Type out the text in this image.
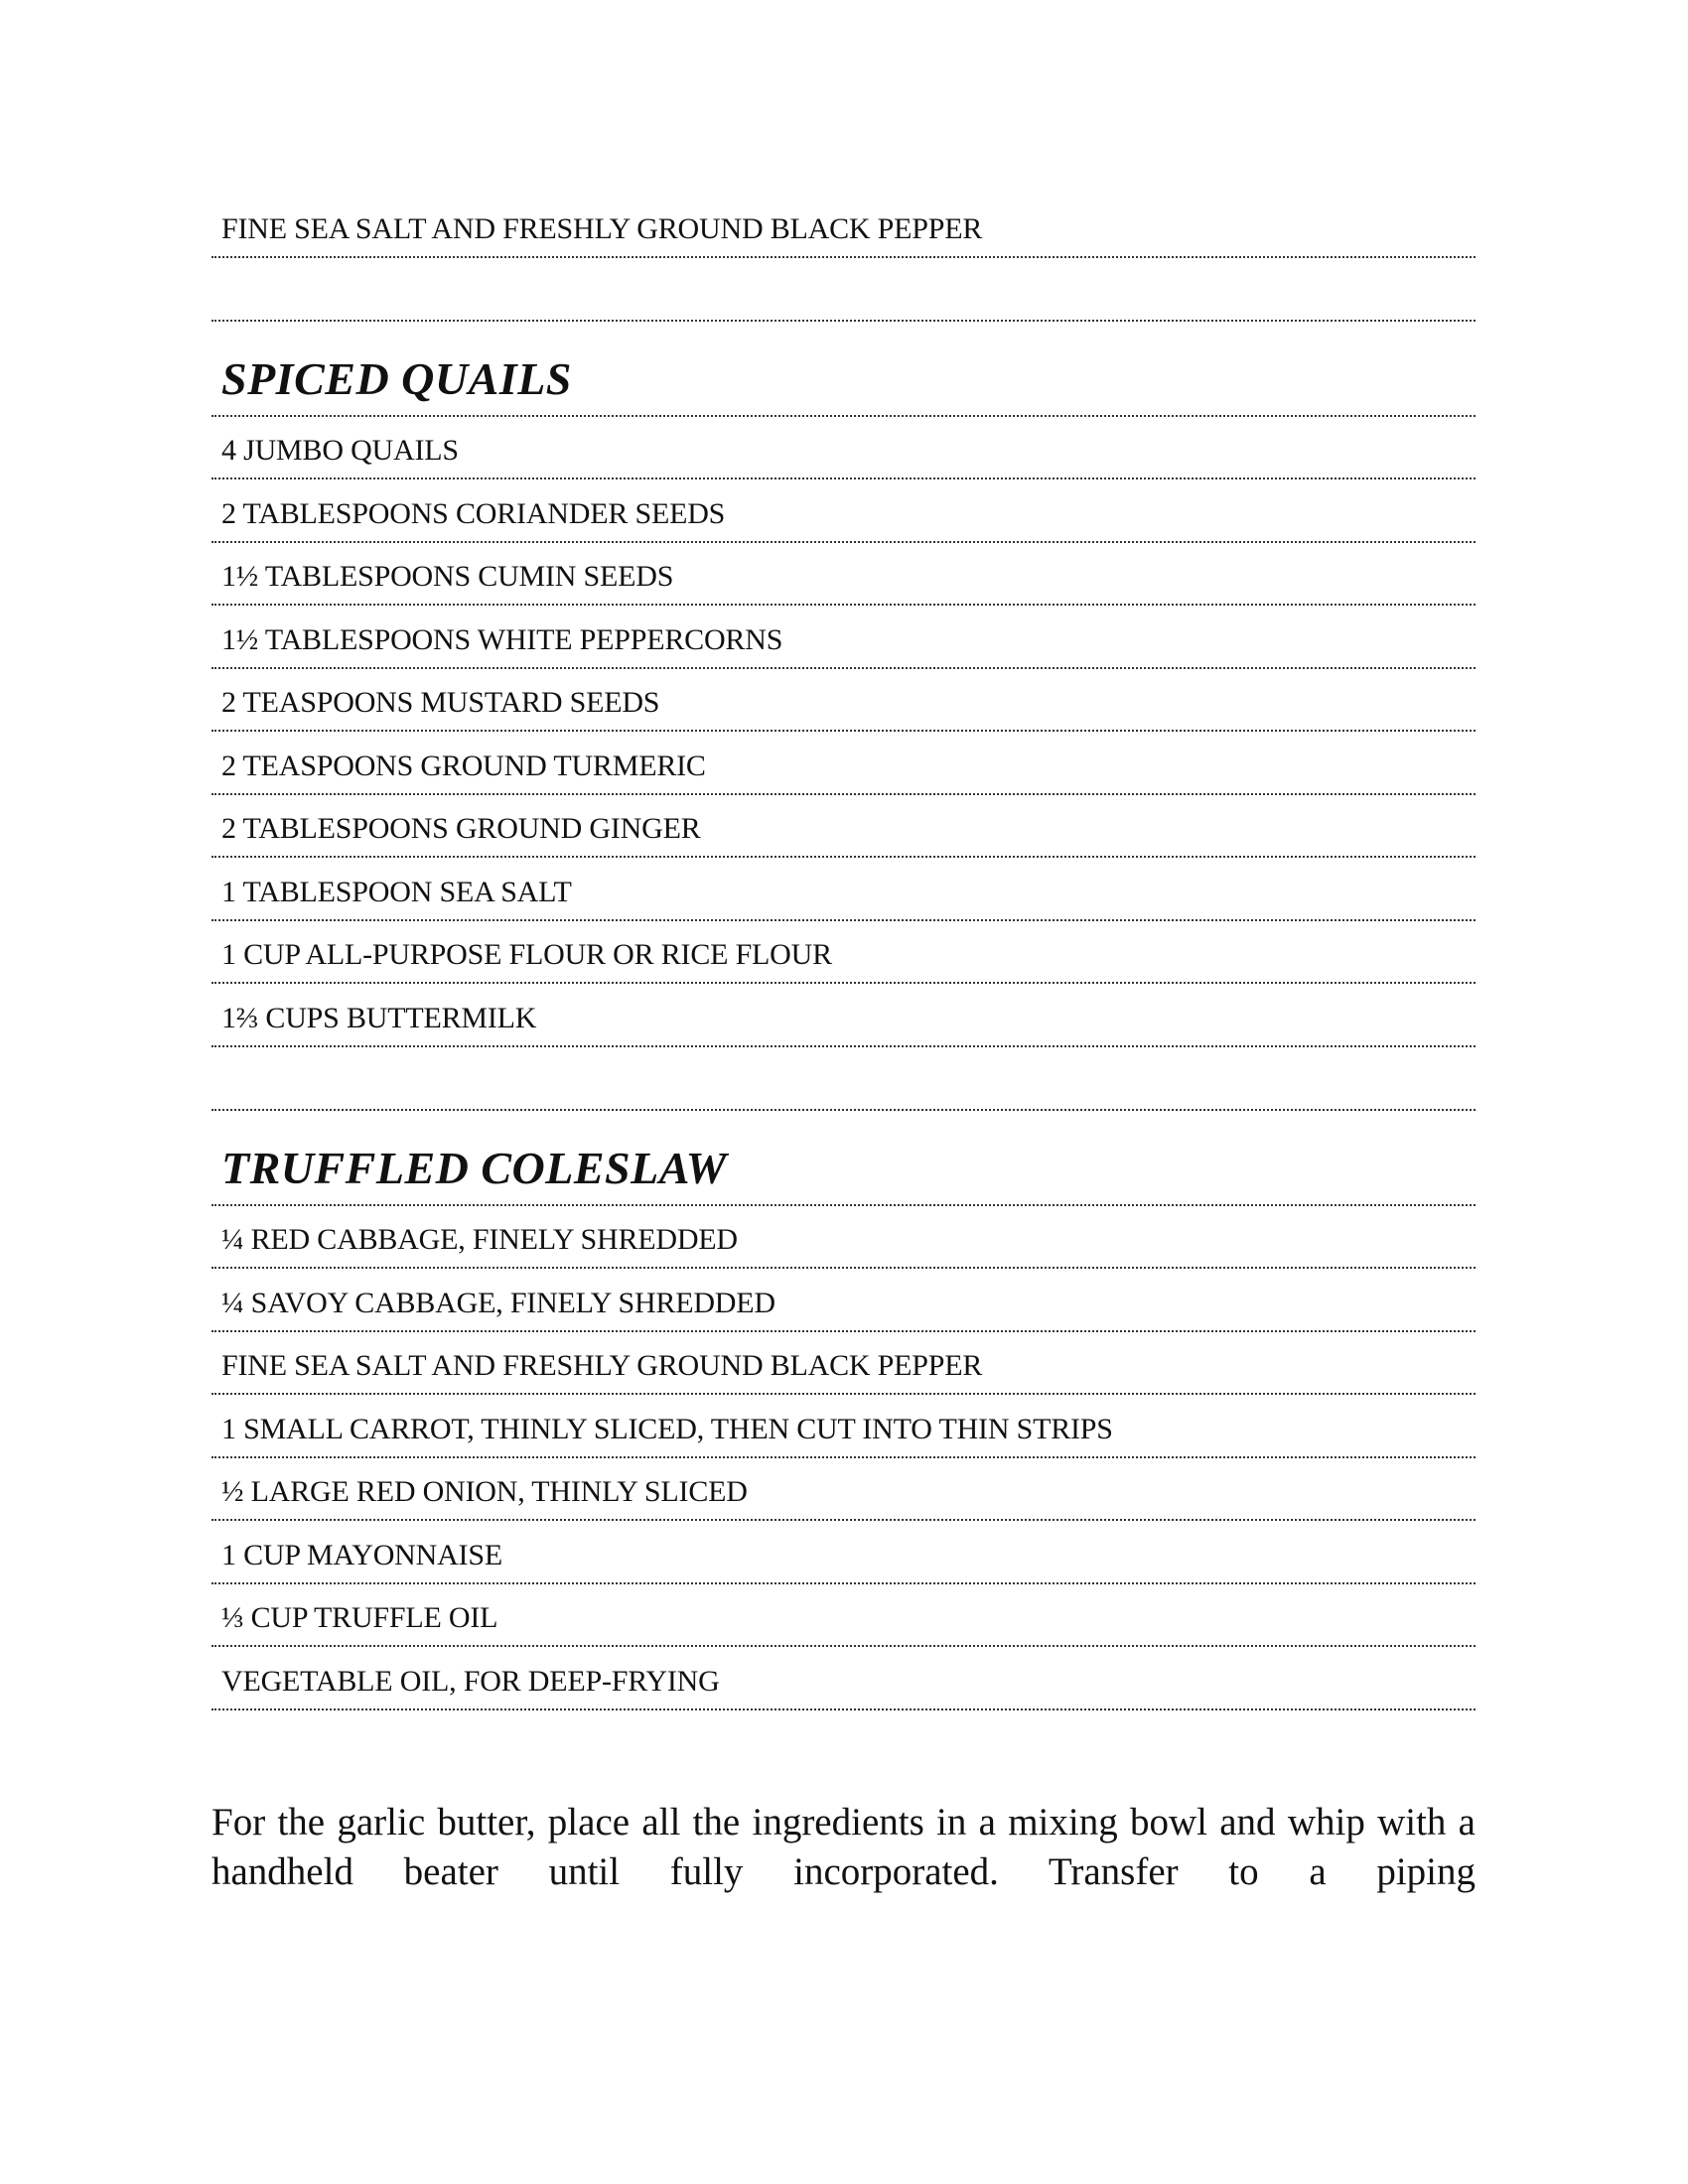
FINE SEA SALT AND FRESHLY GROUND BLACK PEPPER
SPICED QUAILS
4 JUMBO QUAILS
2 TABLESPOONS CORIANDER SEEDS
1½ TABLESPOONS CUMIN SEEDS
1½ TABLESPOONS WHITE PEPPERCORNS
2 TEASPOONS MUSTARD SEEDS
2 TEASPOONS GROUND TURMERIC
2 TABLESPOONS GROUND GINGER
1 TABLESPOON SEA SALT
1 CUP ALL-PURPOSE FLOUR OR RICE FLOUR
1⅔ CUPS BUTTERMILK
TRUFFLED COLESLAW
¼ RED CABBAGE, FINELY SHREDDED
¼ SAVOY CABBAGE, FINELY SHREDDED
FINE SEA SALT AND FRESHLY GROUND BLACK PEPPER
1 SMALL CARROT, THINLY SLICED, THEN CUT INTO THIN STRIPS
½ LARGE RED ONION, THINLY SLICED
1 CUP MAYONNAISE
⅓ CUP TRUFFLE OIL
VEGETABLE OIL, FOR DEEP-FRYING

For the garlic butter, place all the ingredients in a mixing bowl and whip with a handheld beater until fully incorporated. Transfer to a piping
